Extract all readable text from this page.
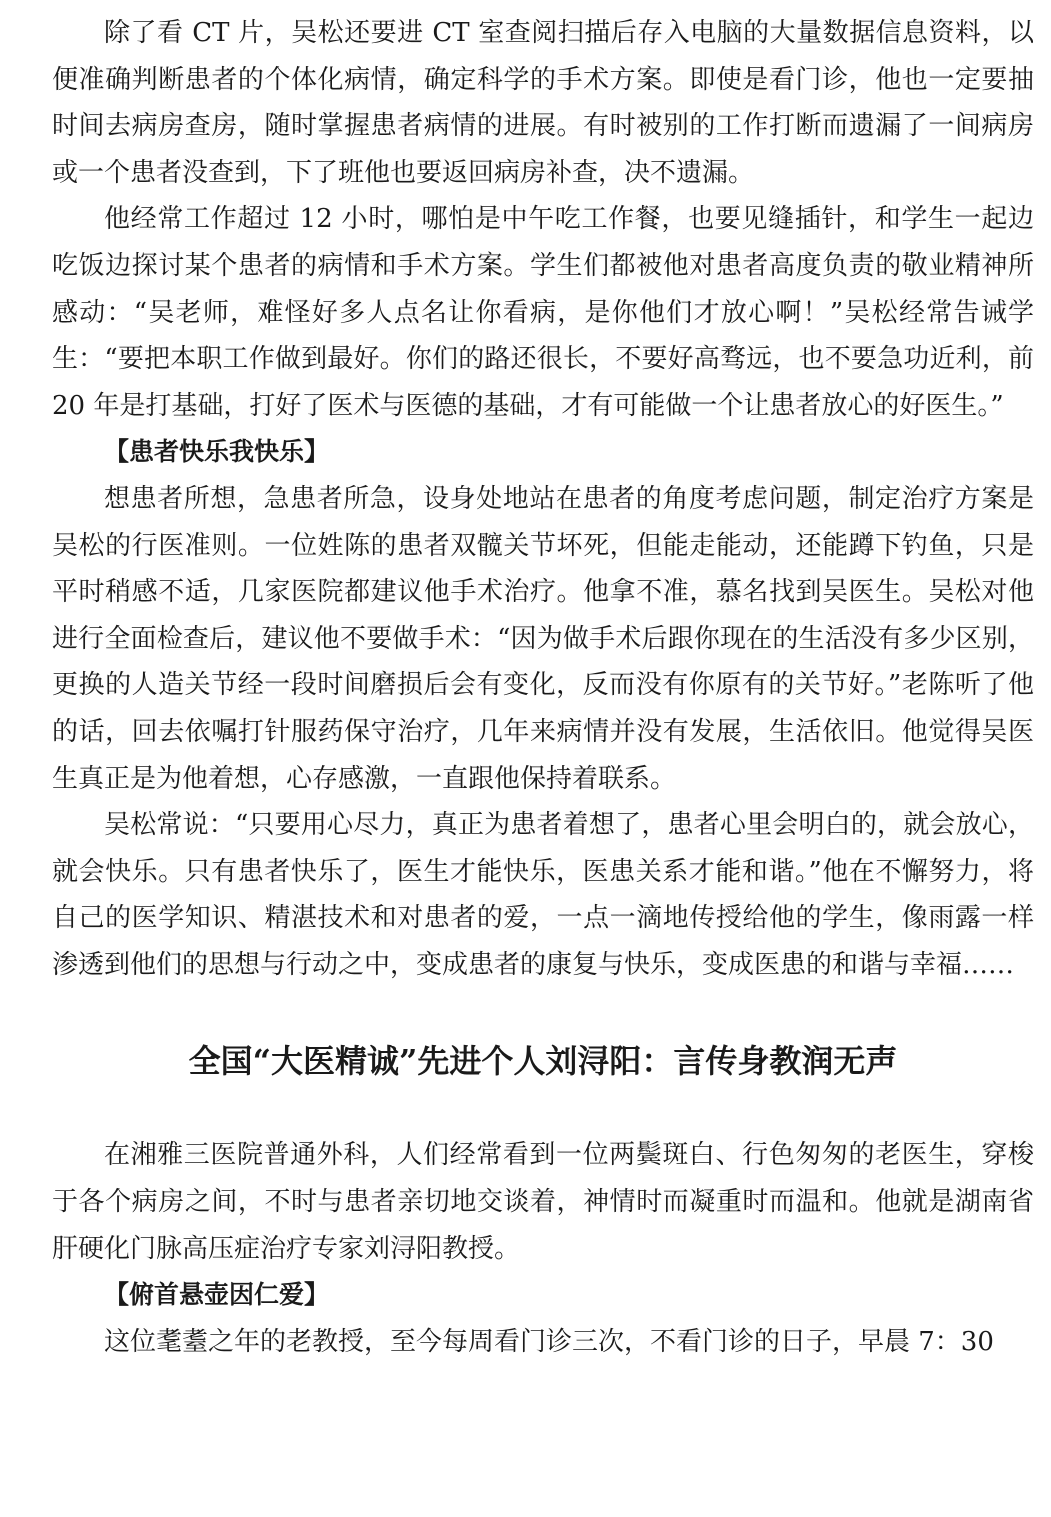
除了看 CT 片，吴松还要进 CT 室查阅扫描后存入电脑的大量数据信息资料，以便准确判断患者的个体化病情，确定科学的手术方案。即使是看门诊，他也一定要抽时间去病房查房，随时掌握患者病情的进展。有时被别的工作打断而遗漏了一间病房或一个患者没查到，下了班他也要返回病房补查，决不遗漏。

他经常工作超过 12 小时，哪怕是中午吃工作餐，也要见缝插针，和学生一起边吃饭边探讨某个患者的病情和手术方案。学生们都被他对患者高度负责的敬业精神所感动：“吴老师，难怪好多人点名让你看病，是你他们才放心啊！”吴松经常告诫学生：“要把本职工作做到最好。你们的路还很长，不要好高骛远，也不要急功近利，前20 年是打基础，打好了医术与医德的基础，才有可能做一个让患者放心的好医生。”

【患者快乐我快乐】

想患者所想，急患者所急，设身处地站在患者的角度考虑问题，制定治疗方案是吴松的行医准则。一位姓陈的患者双髋关节坏死，但能走能动，还能蹲下钓鱼，只是平时稍感不适，几家医院都建议他手术治疗。他拿不准，慕名找到吴医生。吴松对他进行全面检查后，建议他不要做手术：“因为做手术后跟你现在的生活没有多少区别，更换的人造关节经一段时间磨损后会有变化，反而没有你原有的关节好。”老陈听了他的话，回去依嘱打针服药保守治疗，几年来病情并没有发展，生活依旧。他觉得吴医生真正是为他着想，心存感激，一直跟他保持着联系。

吴松常说：“只要用心尽力，真正为患者着想了，患者心里会明白的，就会放心，就会快乐。只有患者快乐了，医生才能快乐，医患关系才能和谐。”他在不懈努力，将自己的医学知识、精湛技术和对患者的爱，一点一滴地传授给他的学生，像雨露一样渗透到他们的思想与行动之中，变成患者的康复与快乐，变成医患的和谐与幸福……

全国“大医精诚”先进个人刘浔阳：言传身教润无声

在湘雅三医院普通外科，人们经常看到一位两鬓斑白、行色匆匆的老医生，穿梭于各个病房之间，不时与患者亲切地交谈着，神情时而凝重时而温和。他就是湖南省肝硬化门脉高压症治疗专家刘浔阳教授。

【俯首悬壶因仁爱】

这位耄耋之年的老教授，至今每周看门诊三次，不看门诊的日子，早晨 7：30
